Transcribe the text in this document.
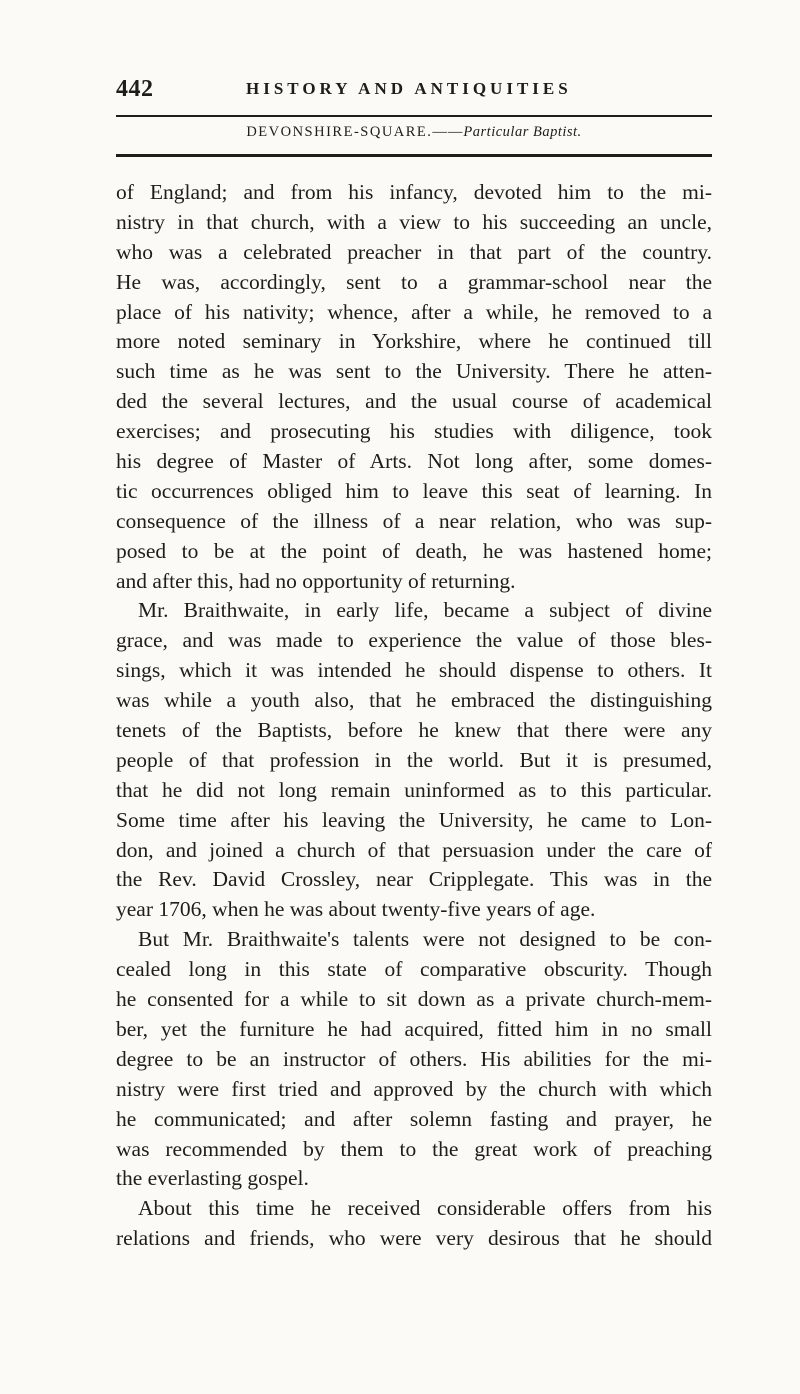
442	HISTORY AND ANTIQUITIES
DEVONSHIRE-SQUARE.——Particular Baptist.
of England; and from his infancy, devoted him to the mi-
nistry in that church, with a view to his succeeding an uncle,
who was a celebrated preacher in that part of the country.
He was, accordingly, sent to a grammar-school near the
place of his nativity; whence, after a while, he removed to a
more noted seminary in Yorkshire, where he continued till
such time as he was sent to the University. There he atten-
ded the several lectures, and the usual course of academical
exercises; and prosecuting his studies with diligence, took
his degree of Master of Arts. Not long after, some domes-
tic occurrences obliged him to leave this seat of learning. In
consequence of the illness of a near relation, who was sup-
posed to be at the point of death, he was hastened home;
and after this, had no opportunity of returning.
Mr. Braithwaite, in early life, became a subject of divine
grace, and was made to experience the value of those bles-
sings, which it was intended he should dispense to others. It
was while a youth also, that he embraced the distinguishing
tenets of the Baptists, before he knew that there were any
people of that profession in the world. But it is presumed,
that he did not long remain uninformed as to this particular.
Some time after his leaving the University, he came to Lon-
don, and joined a church of that persuasion under the care of
the Rev. David Crossley, near Cripplegate. This was in the
year 1706, when he was about twenty-five years of age.
But Mr. Braithwaite's talents were not designed to be con-
cealed long in this state of comparative obscurity. Though
he consented for a while to sit down as a private church-mem-
ber, yet the furniture he had acquired, fitted him in no small
degree to be an instructor of others. His abilities for the mi-
nistry were first tried and approved by the church with which
he communicated; and after solemn fasting and prayer, he
was recommended by them to the great work of preaching
the everlasting gospel.
About this time he received considerable offers from his
relations and friends, who were very desirous that he should
